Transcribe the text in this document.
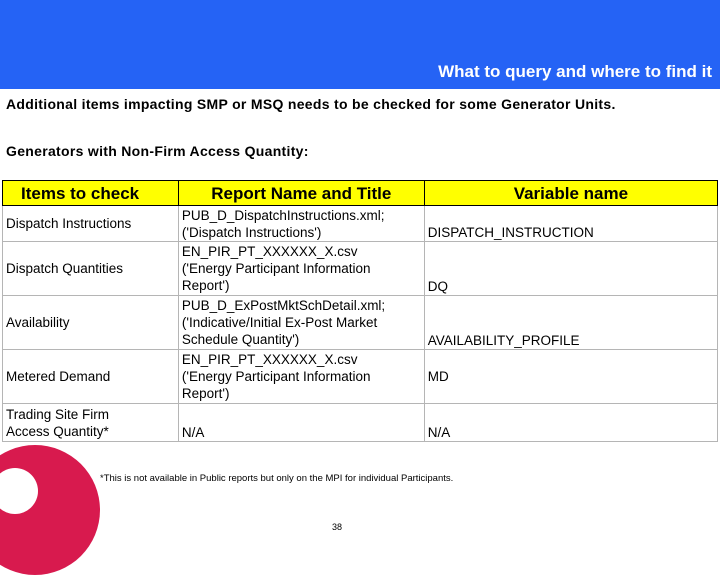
What to query and where to find it
Additional items impacting SMP or MSQ needs to be checked for some Generator Units.
Generators with Non-Firm Access Quantity:
Items to check	Report Name and Title	Variable name
Dispatch Instructions	PUB_D_DispatchInstructions.xml;
('Dispatch Instructions')	DISPATCH_INSTRUCTION
Dispatch Quantities	EN_PIR_PT_XXXXXX_X.csv
('Energy Participant Information
Report')	DQ
Availability	PUB_D_ExPostMktSchDetail.xml;
('Indicative/Initial Ex-Post Market
Schedule Quantity')	AVAILABILITY_PROFILE
Metered Demand	EN_PIR_PT_XXXXXX_X.csv
('Energy Participant Information
Report')	MD

Trading Site Firm
Access Quantity*	N/A	N/A
*This is not available in Public reports but only on the MPI for individual Participants.
38
